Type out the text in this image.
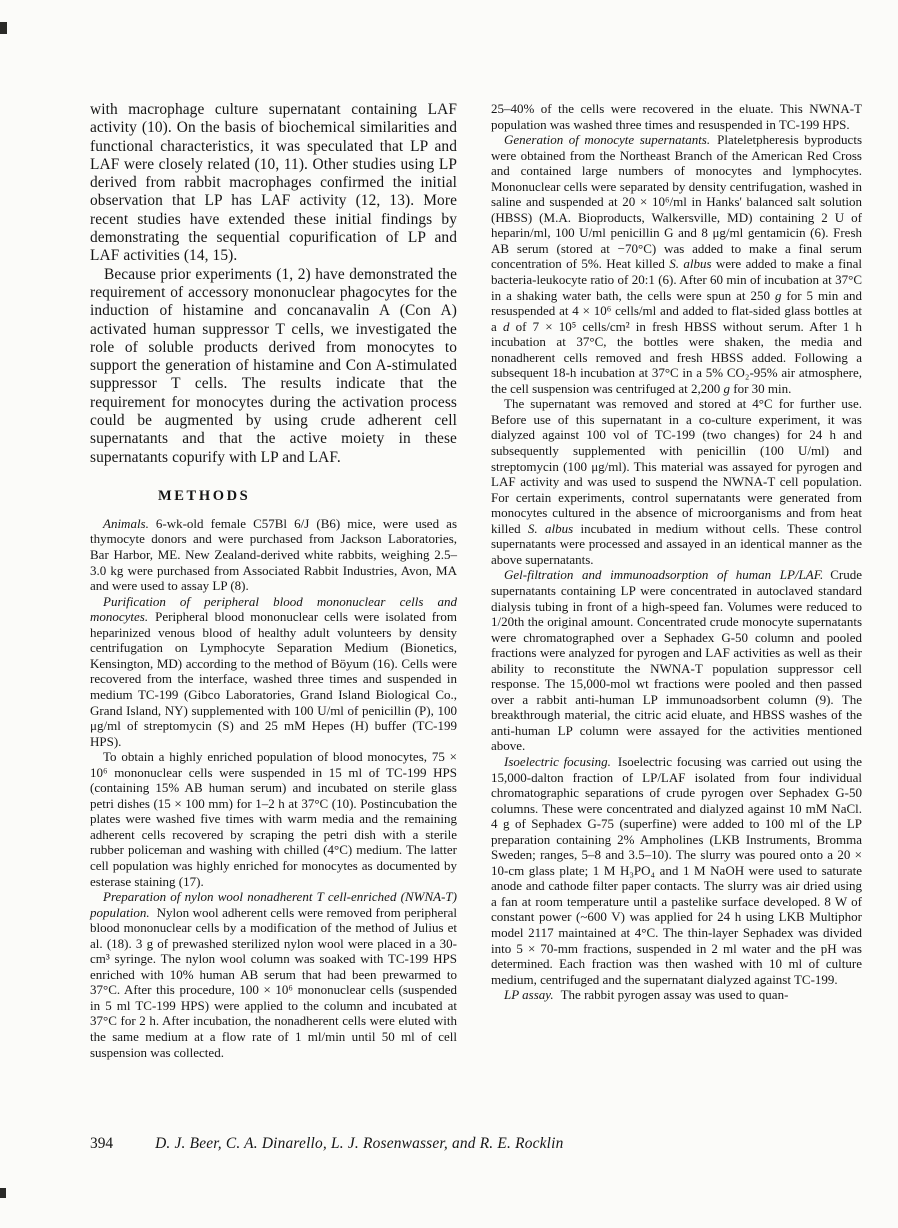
with macrophage culture supernatant containing LAF activity (10). On the basis of biochemical similarities and functional characteristics, it was speculated that LP and LAF were closely related (10, 11). Other studies using LP derived from rabbit macrophages confirmed the initial observation that LP has LAF activity (12, 13). More recent studies have extended these initial findings by demonstrating the sequential copurification of LP and LAF activities (14, 15).

Because prior experiments (1, 2) have demonstrated the requirement of accessory mononuclear phagocytes for the induction of histamine and concanavalin A (Con A) activated human suppressor T cells, we investigated the role of soluble products derived from monocytes to support the generation of histamine and Con A-stimulated suppressor T cells. The results indicate that the requirement for monocytes during the activation process could be augmented by using crude adherent cell supernatants and that the active moiety in these supernatants copurify with LP and LAF.

METHODS

Animals. 6-wk-old female C57Bl 6/J (B6) mice, were used as thymocyte donors and were purchased from Jackson Laboratories, Bar Harbor, ME. New Zealand-derived white rabbits, weighing 2.5–3.0 kg were purchased from Associated Rabbit Industries, Avon, MA and were used to assay LP (8).

Purification of peripheral blood mononuclear cells and monocytes. Peripheral blood mononuclear cells were isolated from heparinized venous blood of healthy adult volunteers by density centrifugation on Lymphocyte Separation Medium (Bionetics, Kensington, MD) according to the method of Böyum (16). Cells were recovered from the interface, washed three times and suspended in medium TC-199 (Gibco Laboratories, Grand Island Biological Co., Grand Island, NY) supplemented with 100 U/ml of penicillin (P), 100 μg/ml of streptomycin (S) and 25 mM Hepes (H) buffer (TC-199 HPS).

To obtain a highly enriched population of blood monocytes, 75 × 10⁶ mononuclear cells were suspended in 15 ml of TC-199 HPS (containing 15% AB human serum) and incubated on sterile glass petri dishes (15 × 100 mm) for 1–2 h at 37°C (10). Postincubation the plates were washed five times with warm media and the remaining adherent cells recovered by scraping the petri dish with a sterile rubber policeman and washing with chilled (4°C) medium. The latter cell population was highly enriched for monocytes as documented by esterase staining (17).

Preparation of nylon wool nonadherent T cell-enriched (NWNA-T) population. Nylon wool adherent cells were removed from peripheral blood mononuclear cells by a modification of the method of Julius et al. (18). 3 g of prewashed sterilized nylon wool were placed in a 30-cm³ syringe. The nylon wool column was soaked with TC-199 HPS enriched with 10% human AB serum that had been prewarmed to 37°C. After this procedure, 100 × 10⁶ mononuclear cells (suspended in 5 ml TC-199 HPS) were applied to the column and incubated at 37°C for 2 h. After incubation, the nonadherent cells were eluted with the same medium at a flow rate of 1 ml/min until 50 ml of cell suspension was collected.

25–40% of the cells were recovered in the eluate. This NWNA-T population was washed three times and resuspended in TC-199 HPS.

Generation of monocyte supernatants. Plateletpheresis byproducts were obtained from the Northeast Branch of the American Red Cross and contained large numbers of monocytes and lymphocytes. Mononuclear cells were separated by density centrifugation, washed in saline and suspended at 20 × 10⁶/ml in Hanks' balanced salt solution (HBSS) (M.A. Bioproducts, Walkersville, MD) containing 2 U of heparin/ml, 100 U/ml penicillin G and 8 μg/ml gentamicin (6). Fresh AB serum (stored at −70°C) was added to make a final serum concentration of 5%. Heat killed S. albus were added to make a final bacteria-leukocyte ratio of 20:1 (6). After 60 min of incubation at 37°C in a shaking water bath, the cells were spun at 250 g for 5 min and resuspended at 4 × 10⁶ cells/ml and added to flat-sided glass bottles at a d of 7 × 10⁵ cells/cm² in fresh HBSS without serum. After 1 h incubation at 37°C, the bottles were shaken, the media and nonadherent cells removed and fresh HBSS added. Following a subsequent 18-h incubation at 37°C in a 5% CO₂-95% air atmosphere, the cell suspension was centrifuged at 2,200 g for 30 min.

The supernatant was removed and stored at 4°C for further use. Before use of this supernatant in a co-culture experiment, it was dialyzed against 100 vol of TC-199 (two changes) for 24 h and subsequently supplemented with penicillin (100 U/ml) and streptomycin (100 μg/ml). This material was assayed for pyrogen and LAF activity and was used to suspend the NWNA-T cell population. For certain experiments, control supernatants were generated from monocytes cultured in the absence of microorganisms and from heat killed S. albus incubated in medium without cells. These control supernatants were processed and assayed in an identical manner as the above supernatants.

Gel-filtration and immunoadsorption of human LP/LAF. Crude supernatants containing LP were concentrated in autoclaved standard dialysis tubing in front of a high-speed fan. Volumes were reduced to 1/20th the original amount. Concentrated crude monocyte supernatants were chromatographed over a Sephadex G-50 column and pooled fractions were analyzed for pyrogen and LAF activities as well as their ability to reconstitute the NWNA-T population suppressor cell response. The 15,000-mol wt fractions were pooled and then passed over a rabbit anti-human LP immunoadsorbent column (9). The breakthrough material, the citric acid eluate, and HBSS washes of the anti-human LP column were assayed for the activities mentioned above.

Isoelectric focusing. Isoelectric focusing was carried out using the 15,000-dalton fraction of LP/LAF isolated from four individual chromatographic separations of crude pyrogen over Sephadex G-50 columns. These were concentrated and dialyzed against 10 mM NaCl. 4 g of Sephadex G-75 (superfine) were added to 100 ml of the LP preparation containing 2% Ampholines (LKB Instruments, Bromma Sweden; ranges, 5–8 and 3.5–10). The slurry was poured onto a 20 × 10-cm glass plate; 1 M H₃PO₄ and 1 M NaOH were used to saturate anode and cathode filter paper contacts. The slurry was air dried using a fan at room temperature until a pastelike surface developed. 8 W of constant power (~600 V) was applied for 24 h using LKB Multiphor model 2117 maintained at 4°C. The thin-layer Sephadex was divided into 5 × 70-mm fractions, suspended in 2 ml water and the pH was determined. Each fraction was then washed with 10 ml of culture medium, centrifuged and the supernatant dialyzed against TC-199.

LP assay. The rabbit pyrogen assay was used to quan-

394	D. J. Beer, C. A. Dinarello, L. J. Rosenwasser, and R. E. Rocklin
